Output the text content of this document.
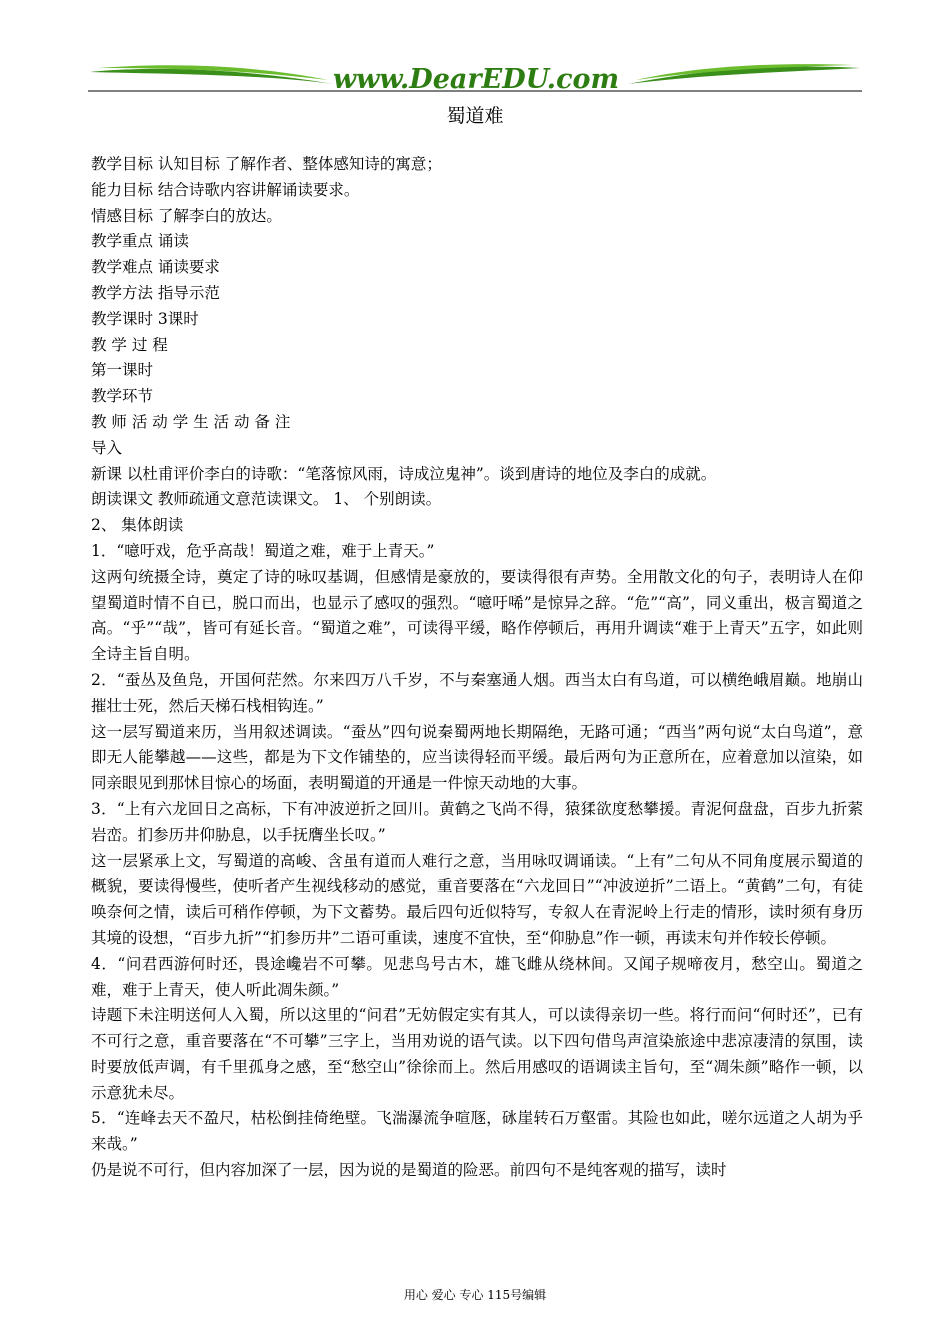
www.DearEDU.com
蜀道难

教学目标 认知目标 了解作者、整体感知诗的寓意；

能力目标 结合诗歌内容讲解诵读要求。

情感目标 了解李白的放达。

教学重点 诵读

教学难点 诵读要求

教学方法 指导示范

教学课时 3课时

教 学 过 程

第一课时

教学环节

教 师 活 动 学 生 活 动 备 注

导入

新课 以杜甫评价李白的诗歌：“笔落惊风雨，诗成泣鬼神”。谈到唐诗的地位及李白的成就。

朗读课文 教师疏通文意范读课文。 1、 个别朗读。

2、 集体朗读

1．“噫吁戏，危乎高哉！蜀道之难，难于上青天。”

这两句统摄全诗，奠定了诗的咏叹基调，但感情是豪放的，要读得很有声势。全用散文化的句子，表明诗人在仰望蜀道时情不自已，脱口而出，也显示了感叹的强烈。“噫吁唏”是惊异之辞。“危”“高”，同义重出，极言蜀道之高。“乎”“哉”，皆可有延长音。“蜀道之难”，可读得平缓，略作停顿后，再用升调读“难于上青天”五字，如此则全诗主旨自明。

2．“蚕丛及鱼凫，开国何茫然。尔来四万八千岁，不与秦塞通人烟。西当太白有鸟道，可以横绝峨眉巅。地崩山摧壮士死，然后天梯石栈相钩连。”

这一层写蜀道来历，当用叙述调读。“蚕丛”四句说秦蜀两地长期隔绝，无路可通；“西当”两句说“太白鸟道”，意即无人能攀越——这些，都是为下文作铺垫的，应当读得轻而平缓。最后两句为正意所在，应着意加以渲染，如同亲眼见到那怵目惊心的场面，表明蜀道的开通是一件惊天动地的大事。

3．“上有六龙回日之高标，下有冲波逆折之回川。黄鹤之飞尚不得，猿猱欲度愁攀援。青泥何盘盘，百步九折萦岩峦。扪参历井仰胁息，以手抚膺坐长叹。”

这一层紧承上文，写蜀道的高峻、含虽有道而人难行之意，当用咏叹调诵读。“上有”二句从不同角度展示蜀道的概貌，要读得慢些，使听者产生视线移动的感觉，重音要落在“六龙回日”“冲波逆折”二语上。“黄鹤”二句，有徒唤奈何之情，读后可稍作停顿，为下文蓄势。最后四句近似特写，专叙人在青泥岭上行走的情形，读时须有身历其境的设想，“百步九折”“扪参历井”二语可重读，速度不宜快，至“仰胁息”作一顿，再读末句并作较长停顿。

4．“问君西游何时还，畏途巉岩不可攀。见悲鸟号古木，雄飞雌从绕林间。又闻子规啼夜月，愁空山。蜀道之难，难于上青天，使人听此凋朱颜。”

诗题下未注明送何人入蜀，所以这里的“问君”无妨假定实有其人，可以读得亲切一些。将行而问“何时还”，已有不可行之意，重音要落在“不可攀”三字上，当用劝说的语气读。以下四句借鸟声渲染旅途中悲凉凄清的氛围，读时要放低声调，有千里孤身之感，至“愁空山”徐徐而上。然后用感叹的语调读主旨句，至“凋朱颜”略作一顿，以示意犹未尽。

5．“连峰去天不盈尺，枯松倒挂倚绝壁。飞湍瀑流争喧豗，砯崖转石万壑雷。其险也如此，嗟尔远道之人胡为乎来哉。”

仍是说不可行，但内容加深了一层，因为说的是蜀道的险恶。前四句不是纯客观的描写，读时

用心 爱心 专心 115号编辑
